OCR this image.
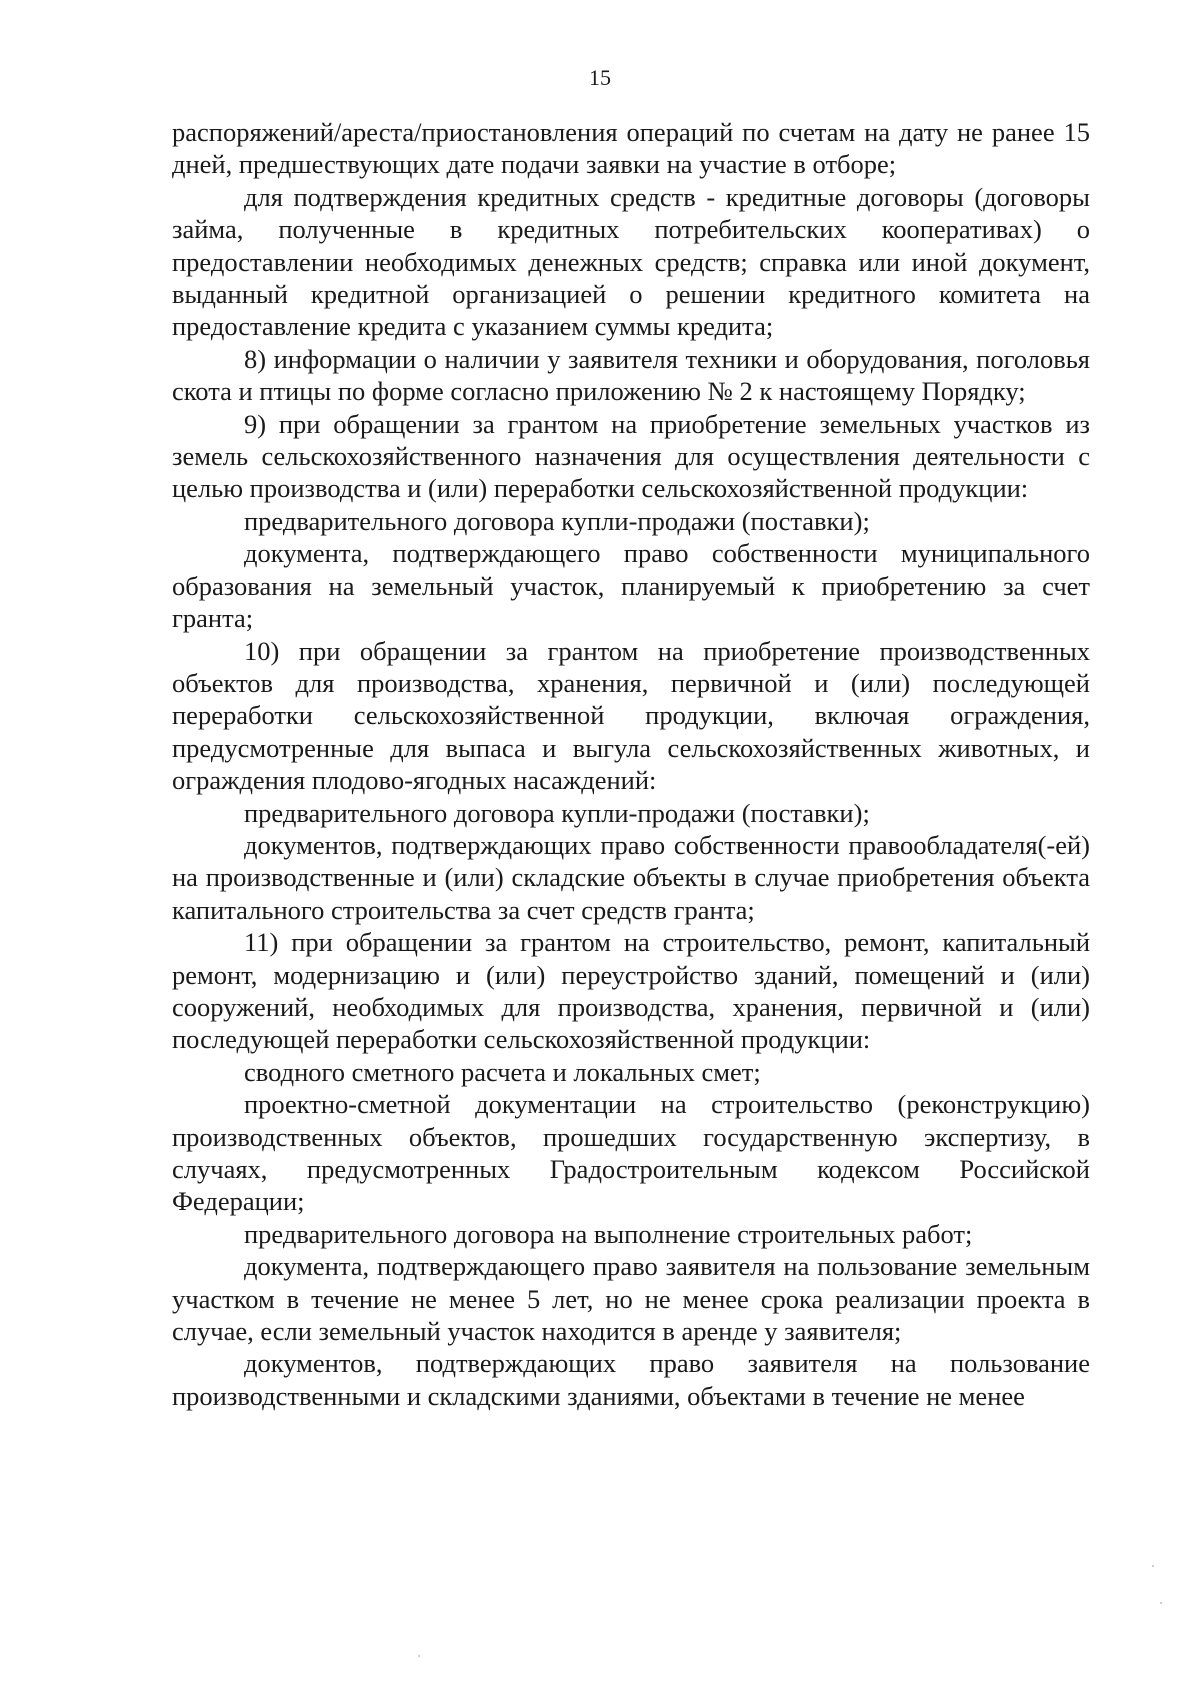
15

распоряжений/ареста/приостановления операций по счетам на дату не ранее 15 дней, предшествующих дате подачи заявки на участие в отборе;

для подтверждения кредитных средств - кредитные договоры (договоры займа, полученные в кредитных потребительских кооперативах) о предоставлении необходимых денежных средств; справка или иной документ, выданный кредитной организацией о решении кредитного комитета на предоставление кредита с указанием суммы кредита;

8) информации о наличии у заявителя техники и оборудования, поголовья скота и птицы по форме согласно приложению № 2 к настоящему Порядку;

9) при обращении за грантом на приобретение земельных участков из земель сельскохозяйственного назначения для осуществления деятельности с целью производства и (или) переработки сельскохозяйственной продукции:

предварительного договора купли-продажи (поставки);

документа, подтверждающего право собственности муниципального образования на земельный участок, планируемый к приобретению за счет гранта;

10) при обращении за грантом на приобретение производственных объектов для производства, хранения, первичной и (или) последующей переработки сельскохозяйственной продукции, включая ограждения, предусмотренные для выпаса и выгула сельскохозяйственных животных, и ограждения плодово-ягодных насаждений:

предварительного договора купли-продажи (поставки);

документов, подтверждающих право собственности правообладателя(-ей) на производственные и (или) складские объекты в случае приобретения объекта капитального строительства за счет средств гранта;

11) при обращении за грантом на строительство, ремонт, капитальный ремонт, модернизацию и (или) переустройство зданий, помещений и (или) сооружений, необходимых для производства, хранения, первичной и (или) последующей переработки сельскохозяйственной продукции:

сводного сметного расчета и локальных смет;

проектно-сметной документации на строительство (реконструкцию) производственных объектов, прошедших государственную экспертизу, в случаях, предусмотренных Градостроительным кодексом Российской Федерации;

предварительного договора на выполнение строительных работ;

документа, подтверждающего право заявителя на пользование земельным участком в течение не менее 5 лет, но не менее срока реализации проекта в случае, если земельный участок находится в аренде у заявителя;

документов, подтверждающих право заявителя на пользование производственными и складскими зданиями, объектами в течение не менее
